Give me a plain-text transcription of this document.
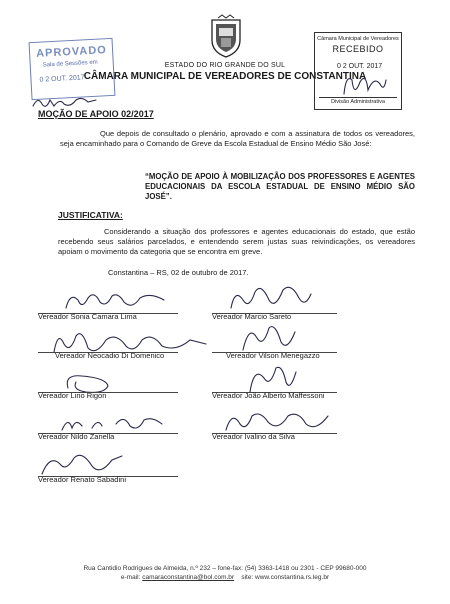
ESTADO DO RIO GRANDE DO SUL
CÂMARA MUNICIPAL DE VEREADORES DE CONSTANTINA
APROVADO
Sala de Sessões em
0 2 OUT. 2017
Câmara Municipal de Vereadores
RECEBIDO
0 2 OUT. 2017
Divisão Administrativa
MOÇÃO DE APOIO 02/2017
Que depois de consultado o plenário, aprovado e com a assinatura de todos os vereadores, seja encaminhado para o Comando de Greve da Escola Estadual de Ensino Médio São José:
“MOÇÃO DE APOIO À MOBILIZAÇÃO DOS PROFESSORES E AGENTES EDUCACIONAIS DA ESCOLA ESTADUAL DE ENSINO MÉDIO SÃO JOSÉ”.
JUSTIFICATIVA:
Considerando a situação dos professores e agentes educacionais do estado, que estão recebendo seus salários parcelados, e entendendo serem justas suas reivindicações, os vereadores apoiam o movimento da categoria que se encontra em greve.
Constantina – RS, 02 de outubro de 2017.
Vereador Sonia Camara Lima
Vereador Neocadio Di Domenico
Vereador Lirio Rigon
Vereador Nildo Zanella
Vereador Renato Sabadini
Vereador Marcio Sareto
Vereador Vilson Menegazzo
Vereador João Alberto Maffessoni
Vereador Ivalino da Silva
Rua Cantidio Rodrigues de Almeida, n.º 232 – fone-fax: (54) 3363-1418 ou 2301 - CEP 99680-000
e-mail: camaraconstantina@bol.com.br site: www.constantina.rs.leg.br
